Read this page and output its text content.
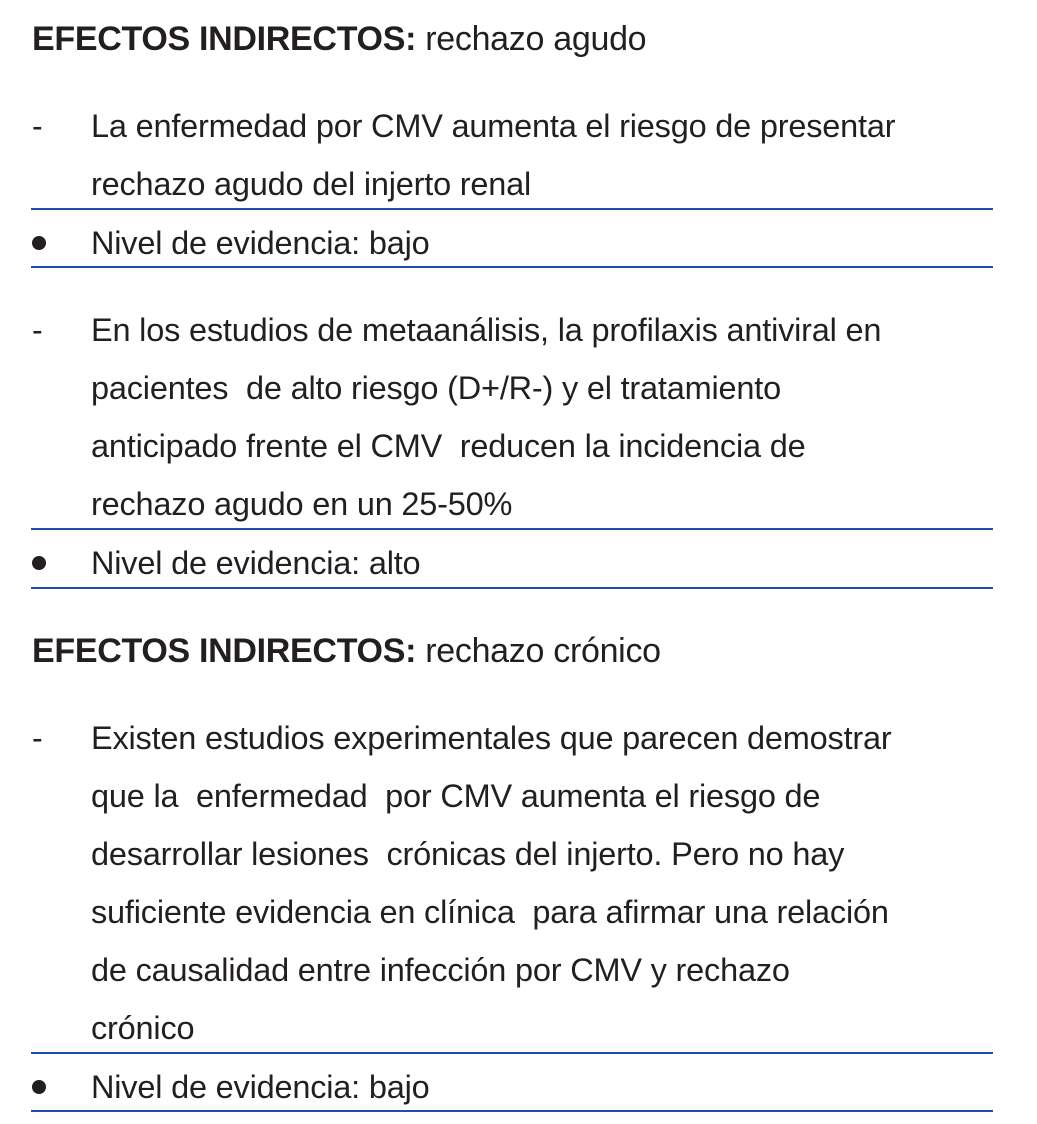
EFECTOS INDIRECTOS: rechazo agudo
-	La enfermedad por CMV aumenta el riesgo de presentar
rechazo agudo del injerto renal
Nivel de evidencia: bajo
-	En los estudios de metaanálisis, la profilaxis antiviral en
pacientes  de alto riesgo (D+/R-) y el tratamiento
anticipado frente el CMV  reducen la incidencia de
rechazo agudo en un 25-50%
Nivel de evidencia: alto
EFECTOS INDIRECTOS: rechazo crónico
-	Existen estudios experimentales que parecen demostrar
que la  enfermedad  por CMV aumenta el riesgo de
desarrollar lesiones  crónicas del injerto. Pero no hay
suficiente evidencia en clínica  para afirmar una relación
de causalidad entre infección por CMV y rechazo
crónico
Nivel de evidencia: bajo
